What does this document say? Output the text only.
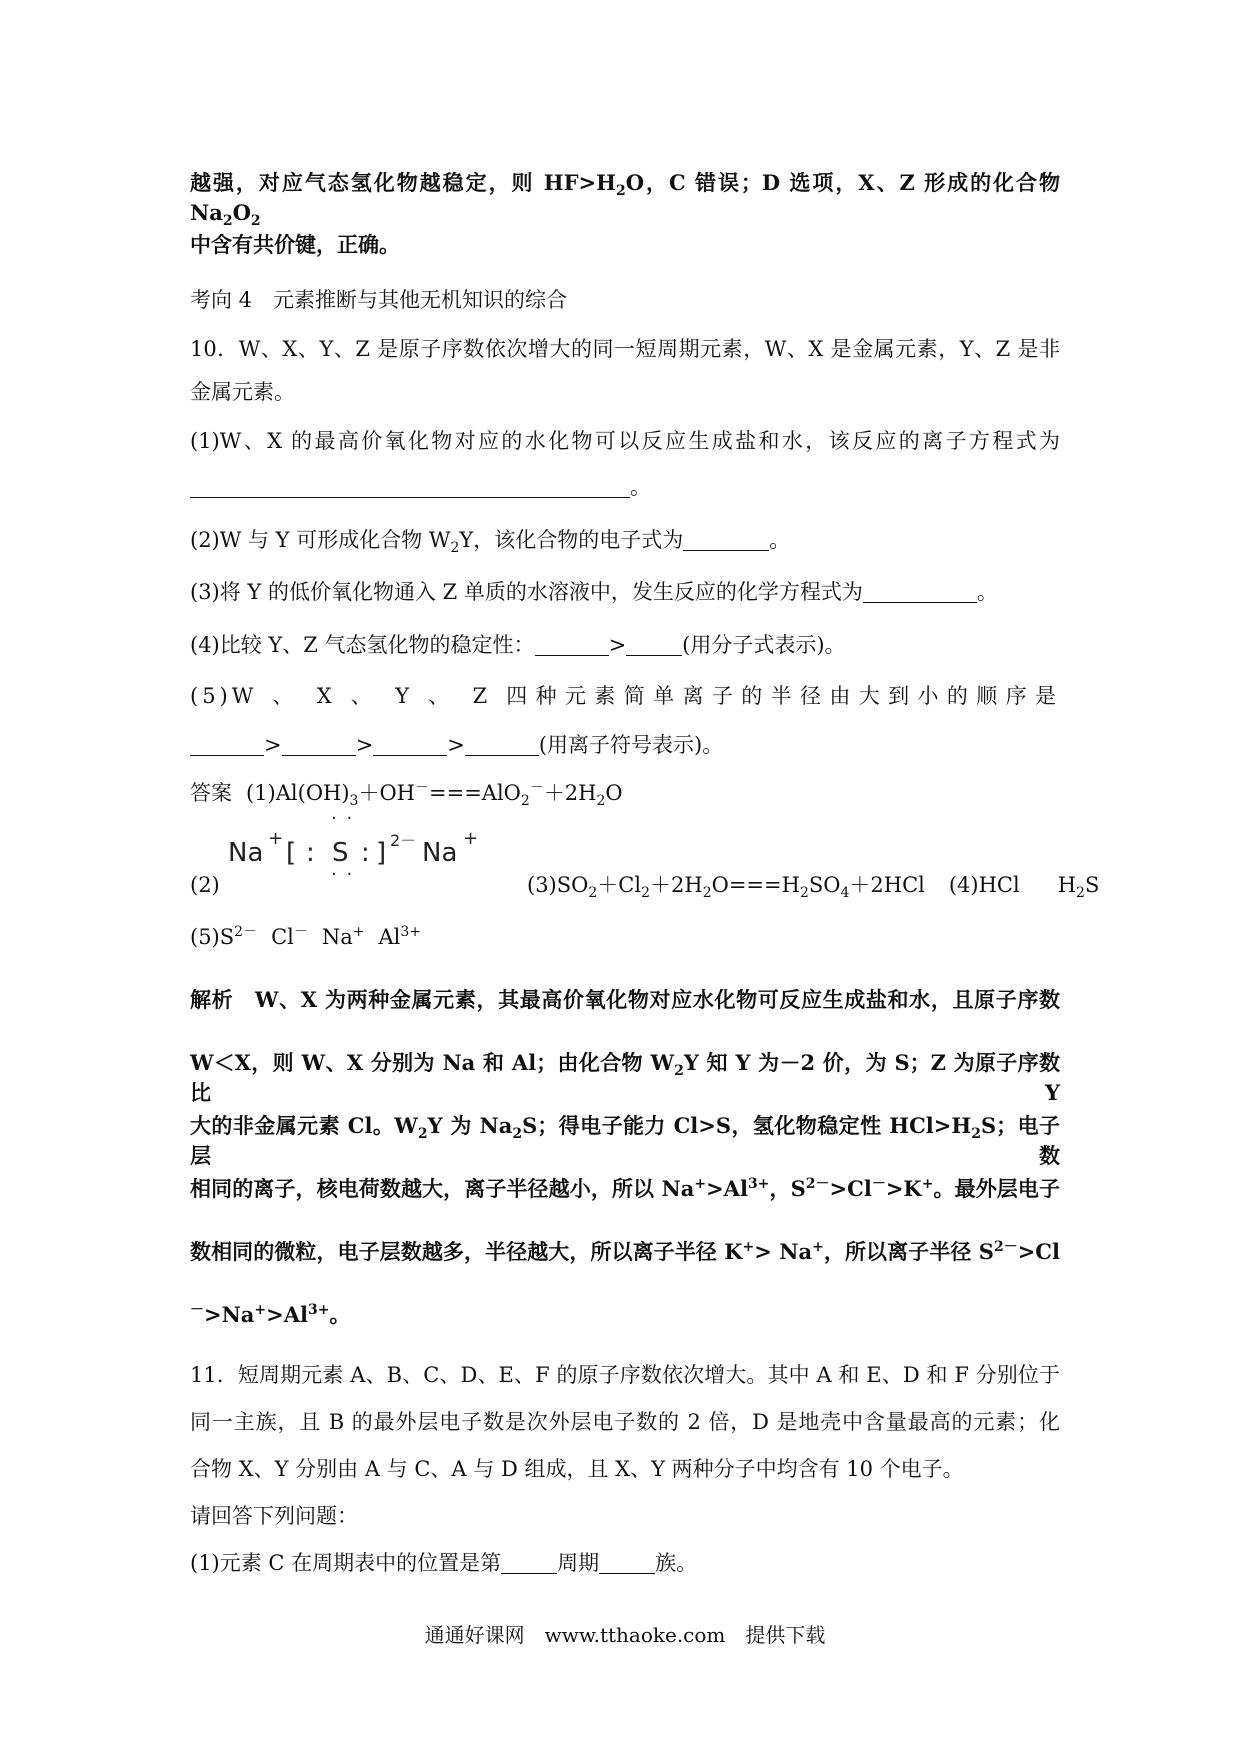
越强，对应气态氢化物越稳定，则 $HF>H_2O$，C 错误；D 选项，X、Z 形成的化合物 $Na_2O_2$
中含有共价键，正确。
考向 4　元素推断与其他无机知识的综合
10．W、X、Y、Z 是原子序数依次增大的同一短周期元素，W、X 是金属元素，Y、Z 是非
金属元素。
(1)W、X 的最高价氧化物对应的水化物可以反应生成盐和水，该反应的离子方程式为
。
(2)W 与 Y 可形成化合物 $W_2Y$，该化合物的电子式为	。
(3)将 Y 的低价氧化物通入 Z 单质的水溶液中，发生反应的化学方程式为	。
(4)比较 Y、Z 气态氢化物的稳定性：	>	(用分子式表示)。
(5)W 、 X 、 Y 、 Z 四种元素简单离子的半径由大到小的顺序是
>	>	>	(用离子符号表示)。
答案 $(1)Al(OH)_3+OH^-===AlO_2^-+2H_2O$
Na + [ : S
· ·
· ·
: ] 2－ Na +
(2)	$(3)SO_2+Cl_2+2H_2O===H_2SO_4+2HCl$ (4)HCl $H_2S$
$(5)S^{2-}$ Cl－ Na+ $Al^{3+}$
解析　W、X 为两种金属元素，其最高价氧化物对应水化物可反应生成盐和水，且原子序数
W＜X，则 W、X 分别为 Na 和 Al；由化合物 $W_2Y$ 知 Y 为－2 价，为 S；Z 为原子序数比 Y
大的非金属元素 Cl。$W_2Y$ 为 $Na_2S$；得电子能力 Cl>S，氢化物稳定性 $HCl>H_2S$；电子层数
相同的离子，核电荷数越大，离子半径越小，所以 $Na^+>Al^{3+}$，$S^{2-}>Cl^->K^+$。最外层电子
数相同的微粒，电子层数越多，半径越大，所以离子半径 K+> Na+，所以离子半径 $S^{2-}>Cl$
$^->Na^+>Al^{3+}$。
11．短周期元素 A、B、C、D、E、F 的原子序数依次增大。其中 A 和 E、D 和 F 分别位于
同一主族，且 B 的最外层电子数是次外层电子数的 2 倍，D 是地壳中含量最高的元素；化
合物 X、Y 分别由 A 与 C、A 与 D 组成，且 X、Y 两种分子中均含有 10 个电子。
请回答下列问题：
(1)元素 C 在周期表中的位置是第	周期	族。
通通好课网　www.tthaoke.com　提供下载
